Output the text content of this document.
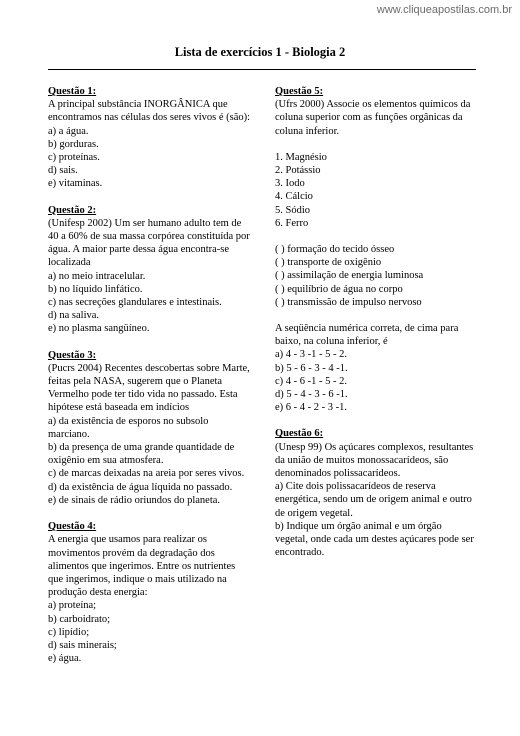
www.cliqueapostilas.com.br
Lista de exercícios 1 - Biologia 2
Questão 1:
A principal substância INORGÂNICA que
encontramos nas células dos seres vivos é (são):
a) a água.
b) gorduras.
c) proteínas.
d) sais.
e) vitaminas.
Questão 2:
(Unifesp 2002) Um ser humano adulto tem de
40 a 60% de sua massa corpórea constituída por
água. A maior parte dessa água encontra-se
localizada
a) no meio intracelular.
b) no líquido linfático.
c) nas secreções glandulares e intestinais.
d) na saliva.
e) no plasma sangüíneo.
Questão 3:
(Pucrs 2004) Recentes descobertas sobre Marte,
feitas pela NASA, sugerem que o Planeta
Vermelho pode ter tido vida no passado. Esta
hipótese está baseada em indícios
a) da existência de esporos no subsolo
marciano.
b) da presença de uma grande quantidade de
oxigênio em sua atmosfera.
c) de marcas deixadas na areia por seres vivos.
d) da existência de água líquida no passado.
e) de sinais de rádio oriundos do planeta.
Questão 4:
A energia que usamos para realizar os
movimentos provém da degradação dos
alimentos que ingerimos. Entre os nutrientes
que ingerimos, indique o mais utilizado na
produção desta energia:
a) proteína;
b) carboidrato;
c) lipídio;
d) sais minerais;
e) água.
Questão 5:
(Ufrs 2000) Associe os elementos químicos da
coluna superior com as funções orgânicas da
coluna inferior.
1. Magnésio
2. Potássio
3. Iodo
4. Cálcio
5. Sódio
6. Ferro
( ) formação do tecido ósseo
( ) transporte de oxigênio
( ) assimilação de energia luminosa
( ) equilíbrio de água no corpo
( ) transmissão de impulso nervoso
A seqüência numérica correta, de cima para
baixo, na coluna inferior, é
a) 4 - 3 -1 - 5 - 2.
b) 5 - 6 - 3 - 4 -1.
c) 4 - 6 -1 - 5 - 2.
d) 5 - 4 - 3 - 6 -1.
e) 6 - 4 - 2 - 3 -1.
Questão 6:
(Unesp 99) Os açúcares complexos, resultantes
da união de muitos monossacarídeos, são
denominados polissacarídeos.
a) Cite dois polissacarídeos de reserva
energética, sendo um de origem animal e outro
de origem vegetal.
b) Indique um órgão animal e um órgão
vegetal, onde cada um destes açúcares pode ser
encontrado.
